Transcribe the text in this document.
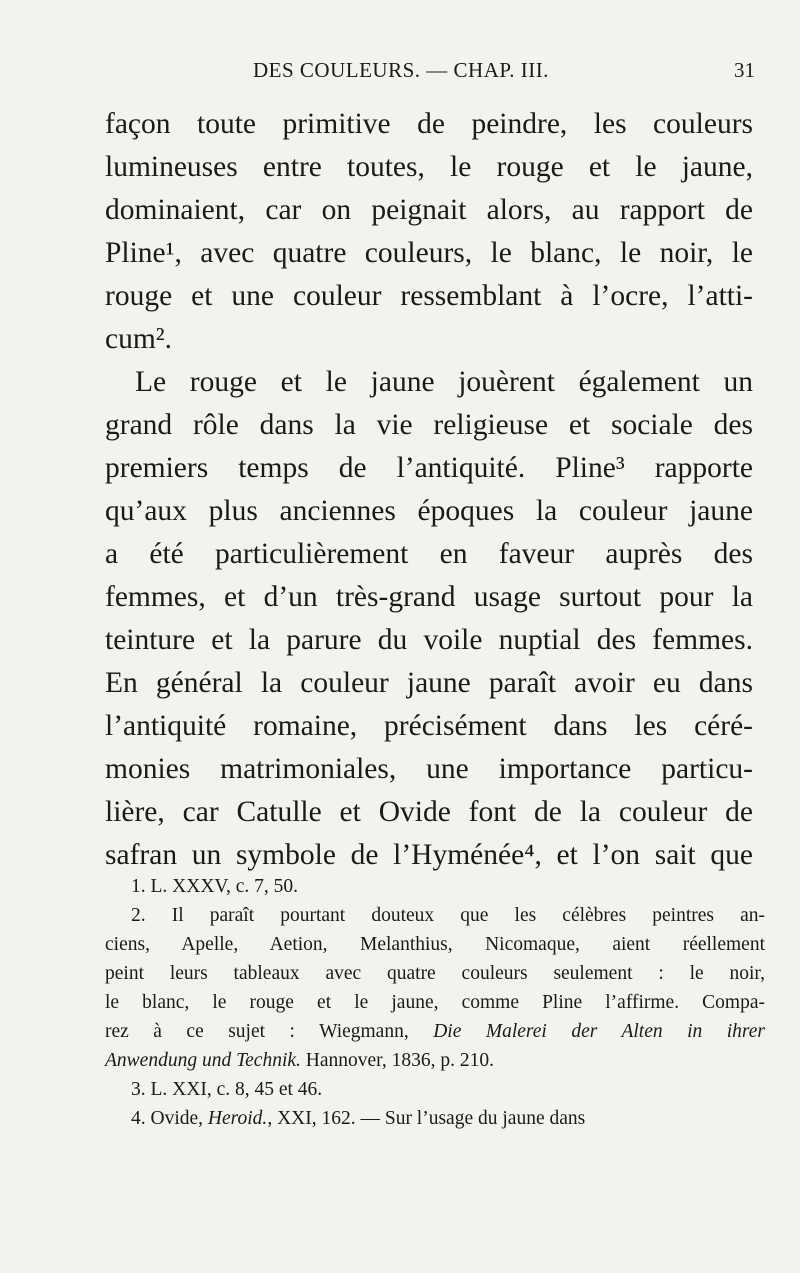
DES COULEURS. — CHAP. III.	31
façon toute primitive de peindre, les couleurs
lumineuses entre toutes, le rouge et le jaune,
dominaient, car on peignait alors, au rapport de
Pline¹, avec quatre couleurs, le blanc, le noir, le
rouge et une couleur ressemblant à l’ocre, l’atti-
cum².
Le rouge et le jaune jouèrent également un
grand rôle dans la vie religieuse et sociale des
premiers temps de l’antiquité. Pline³ rapporte
qu’aux plus anciennes époques la couleur jaune
a été particulièrement en faveur auprès des
femmes, et d’un très-grand usage surtout pour la
teinture et la parure du voile nuptial des femmes.
En général la couleur jaune paraît avoir eu dans
l’antiquité romaine, précisément dans les céré-
monies matrimoniales, une importance particu-
lière, car Catulle et Ovide font de la couleur de
safran un symbole de l’Hyménée⁴, et l’on sait que
1. L. XXXV, c. 7, 50.
2. Il paraît pourtant douteux que les célèbres peintres an-
ciens, Apelle, Aetion, Melanthius, Nicomaque, aient réellement
peint leurs tableaux avec quatre couleurs seulement : le noir,
le blanc, le rouge et le jaune, comme Pline l’affirme. Compa-
rez à ce sujet : Wiegmann, Die Malerei der Alten in ihrer
Anwendung und Technik. Hannover, 1836, p. 210.
3. L. XXI, c. 8, 45 et 46.
4. Ovide, Heroid., XXI, 162. — Sur l’usage du jaune dans
